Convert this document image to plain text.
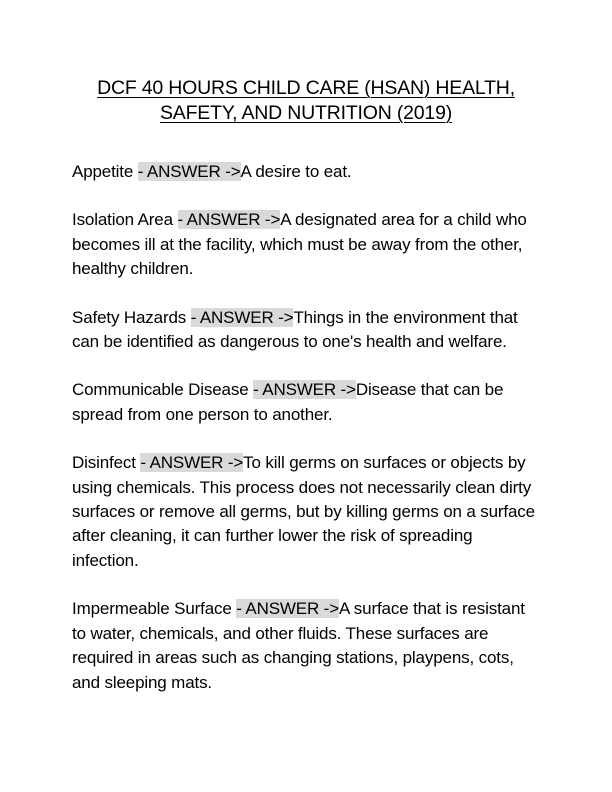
DCF 40 HOURS CHILD CARE (HSAN) HEALTH, SAFETY, AND NUTRITION (2019)

Appetite - ANSWER ->A desire to eat.

Isolation Area - ANSWER ->A designated area for a child who becomes ill at the facility, which must be away from the other, healthy children.

Safety Hazards - ANSWER ->Things in the environment that can be identified as dangerous to one's health and welfare.

Communicable Disease - ANSWER ->Disease that can be spread from one person to another.

Disinfect - ANSWER ->To kill germs on surfaces or objects by using chemicals. This process does not necessarily clean dirty surfaces or remove all germs, but by killing germs on a surface after cleaning, it can further lower the risk of spreading infection.

Impermeable Surface - ANSWER ->A surface that is resistant to water, chemicals, and other fluids. These surfaces are required in areas such as changing stations, playpens, cots, and sleeping mats.
